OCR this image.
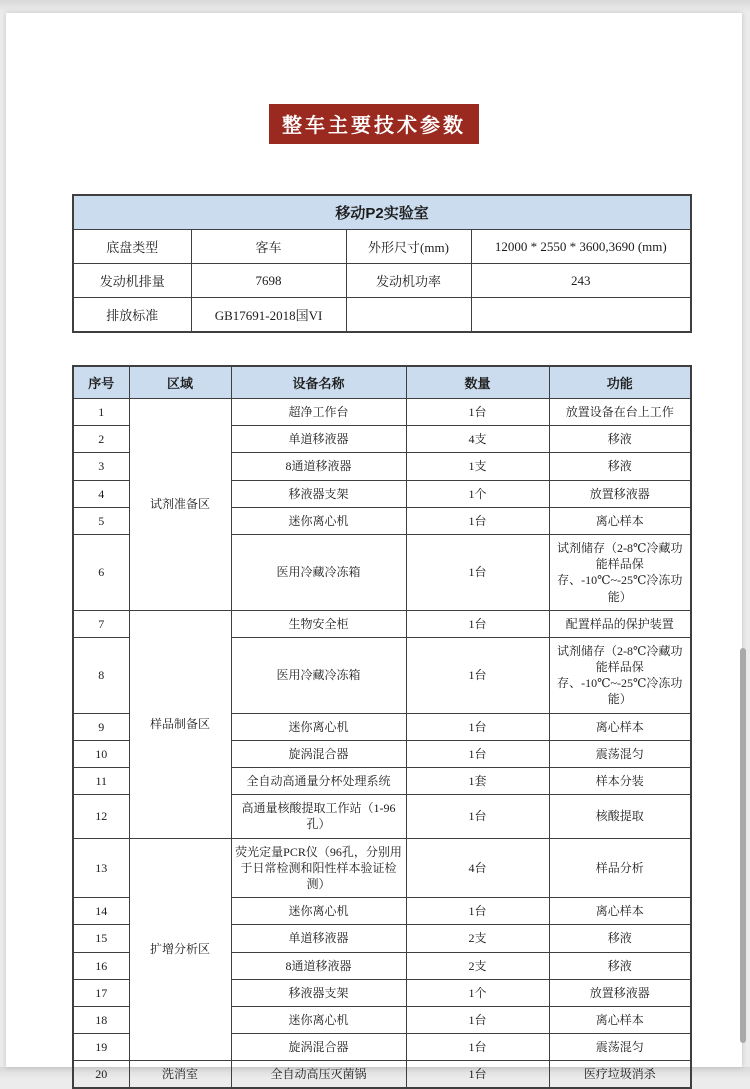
整车主要技术参数
移动P2实验室			
底盘类型	客车	外形尺寸(mm)	12000 * 2550 * 3600,3690 (mm)
发动机排量	7698	发动机功率	243
排放标准	GB17691-2018国VI		
序号	区域	设备名称	数量	功能
1	试剂准备区	超净工作台	1台	放置设备在台上工作
2		单道移液器	4支	移液
3		8通道移液器	1支	移液
4		移液器支架	1个	放置移液器
5		迷你离心机	1台	离心样本
6		医用冷藏冷冻箱	1台	试剂储存（2-8℃冷藏功能样品保存、-10℃~-25℃冷冻功能）
7	样品制备区	生物安全柜	1台	配置样品的保护装置
8		医用冷藏冷冻箱	1台	试剂储存（2-8℃冷藏功能样品保存、-10℃~-25℃冷冻功能）
9		迷你离心机	1台	离心样本
10		旋涡混合器	1台	震荡混匀
11		全自动高通量分杯处理系统	1套	样本分装
12		高通量核酸提取工作站（1-96孔）	1台	核酸提取
13	扩增分析区	荧光定量PCR仪（96孔，分别用于日常检测和阳性样本验证检测）	4台	样品分析
14		迷你离心机	1台	离心样本
15		单道移液器	2支	移液
16		8通道移液器	2支	移液
17		移液器支架	1个	放置移液器
18		迷你离心机	1台	离心样本
19		旋涡混合器	1台	震荡混匀
20	洗消室	全自动高压灭菌锅	1台	医疗垃圾消杀
